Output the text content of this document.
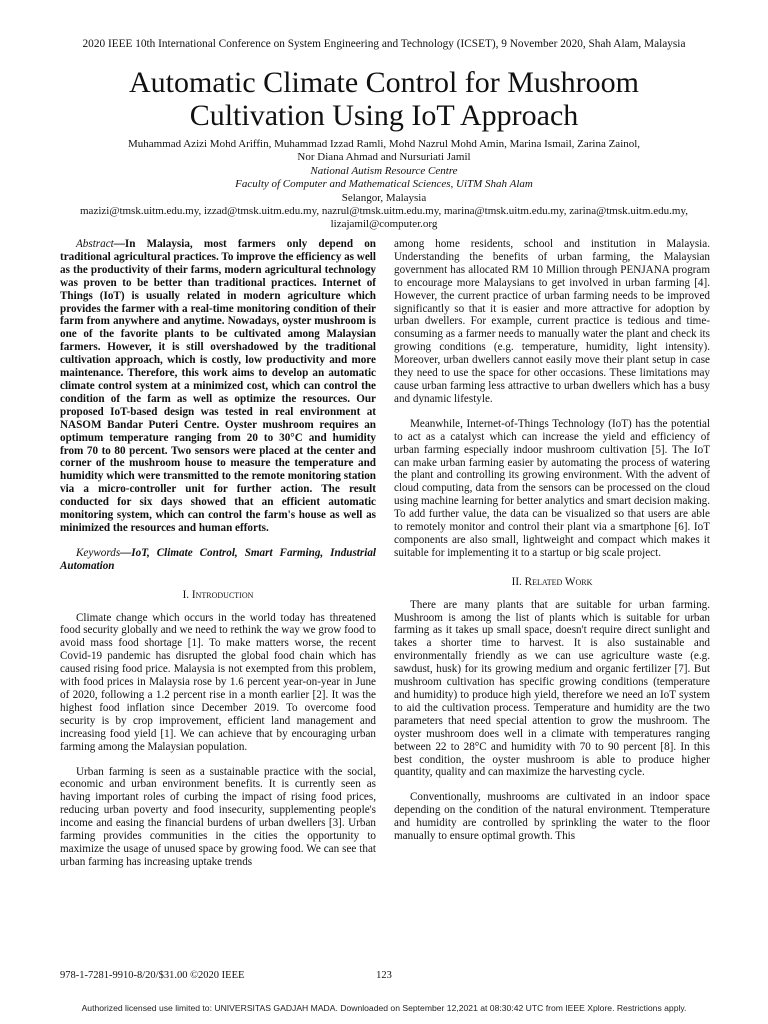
2020 IEEE 10th International Conference on System Engineering and Technology (ICSET), 9 November 2020, Shah Alam, Malaysia
Automatic Climate Control for Mushroom
Cultivation Using IoT Approach
Muhammad Azizi Mohd Ariffin, Muhammad Izzad Ramli, Mohd Nazrul Mohd Amin, Marina Ismail, Zarina Zainol,
Nor Diana Ahmad and Nursuriati Jamil
National Autism Resource Centre
Faculty of Computer and Mathematical Sciences, UiTM Shah Alam
Selangor, Malaysia
mazizi@tmsk.uitm.edu.my, izzad@tmsk.uitm.edu.my, nazrul@tmsk.uitm.edu.my, marina@tmsk.uitm.edu.my, zarina@tmsk.uitm.edu.my,
lizajamil@computer.org

Abstract—In Malaysia, most farmers only depend on traditional agricultural practices. To improve the efficiency as well as the productivity of their farms, modern agricultural technology was proven to be better than traditional practices. Internet of Things (IoT) is usually related in modern agriculture which provides the farmer with a real-time monitoring condition of their farm from anywhere and anytime. Nowadays, oyster mushroom is one of the favorite plants to be cultivated among Malaysian farmers. However, it is still overshadowed by the traditional cultivation approach, which is costly, low productivity and more maintenance. Therefore, this work aims to develop an automatic climate control system at a minimized cost, which can control the condition of the farm as well as optimize the resources. Our proposed IoT-based design was tested in real environment at NASOM Bandar Puteri Centre. Oyster mushroom requires an optimum temperature ranging from 20 to 30°C and humidity from 70 to 80 percent. Two sensors were placed at the center and corner of the mushroom house to measure the temperature and humidity which were transmitted to the remote monitoring station via a micro-controller unit for further action. The result conducted for six days showed that an efficient automatic monitoring system, which can control the farm's house as well as minimized the resources and human efforts.

Keywords—IoT, Climate Control, Smart Farming, Industrial Automation

I. Introduction

Climate change which occurs in the world today has threatened food security globally and we need to rethink the way we grow food to avoid mass food shortage [1]. To make matters worse, the recent Covid-19 pandemic has disrupted the global food chain which has caused rising food price. Malaysia is not exempted from this problem, with food prices in Malaysia rose by 1.6 percent year-on-year in June of 2020, following a 1.2 percent rise in a month earlier [2]. It was the highest food inflation since December 2019. To overcome food security is by crop improvement, efficient land management and increasing food yield [1]. We can achieve that by encouraging urban farming among the Malaysian population.

Urban farming is seen as a sustainable practice with the social, economic and urban environment benefits. It is currently seen as having important roles of curbing the impact of rising food prices, reducing urban poverty and food insecurity, supplementing people's income and easing the financial burdens of urban dwellers [3]. Urban farming provides communities in the cities the opportunity to maximize the usage of unused space by growing food. We can see that urban farming has increasing uptake trends

among home residents, school and institution in Malaysia. Understanding the benefits of urban farming, the Malaysian government has allocated RM 10 Million through PENJANA program to encourage more Malaysians to get involved in urban farming [4]. However, the current practice of urban farming needs to be improved significantly so that it is easier and more attractive for adoption by urban dwellers. For example, current practice is tedious and time-consuming as a farmer needs to manually water the plant and check its growing conditions (e.g. temperature, humidity, light intensity). Moreover, urban dwellers cannot easily move their plant setup in case they need to use the space for other occasions. These limitations may cause urban farming less attractive to urban dwellers which has a busy and dynamic lifestyle.

Meanwhile, Internet-of-Things Technology (IoT) has the potential to act as a catalyst which can increase the yield and efficiency of urban farming especially indoor mushroom cultivation [5]. The IoT can make urban farming easier by automating the process of watering the plant and controlling its growing environment. With the advent of cloud computing, data from the sensors can be processed on the cloud using machine learning for better analytics and smart decision making. To add further value, the data can be visualized so that users are able to remotely monitor and control their plant via a smartphone [6]. IoT components are also small, lightweight and compact which makes it suitable for implementing it to a startup or big scale project.

II. Related Work

There are many plants that are suitable for urban farming. Mushroom is among the list of plants which is suitable for urban farming as it takes up small space, doesn't require direct sunlight and takes a shorter time to harvest. It is also sustainable and environmentally friendly as we can use agriculture waste (e.g. sawdust, husk) for its growing medium and organic fertilizer [7]. But mushroom cultivation has specific growing conditions (temperature and humidity) to produce high yield, therefore we need an IoT system to aid the cultivation process. Temperature and humidity are the two parameters that need special attention to grow the mushroom. The oyster mushroom does well in a climate with temperatures ranging between 22 to 28°C and humidity with 70 to 90 percent [8]. In this best condition, the oyster mushroom is able to produce higher quantity, quality and can maximize the harvesting cycle.

Conventionally, mushrooms are cultivated in an indoor space depending on the condition of the natural environment. Ttemperature and humidity are controlled by sprinkling the water to the floor manually to ensure optimal growth. This

978-1-7281-9910-8/20/$31.00 ©2020 IEEE	123
Authorized licensed use limited to: UNIVERSITAS GADJAH MADA. Downloaded on September 12,2021 at 08:30:42 UTC from IEEE Xplore. Restrictions apply.
